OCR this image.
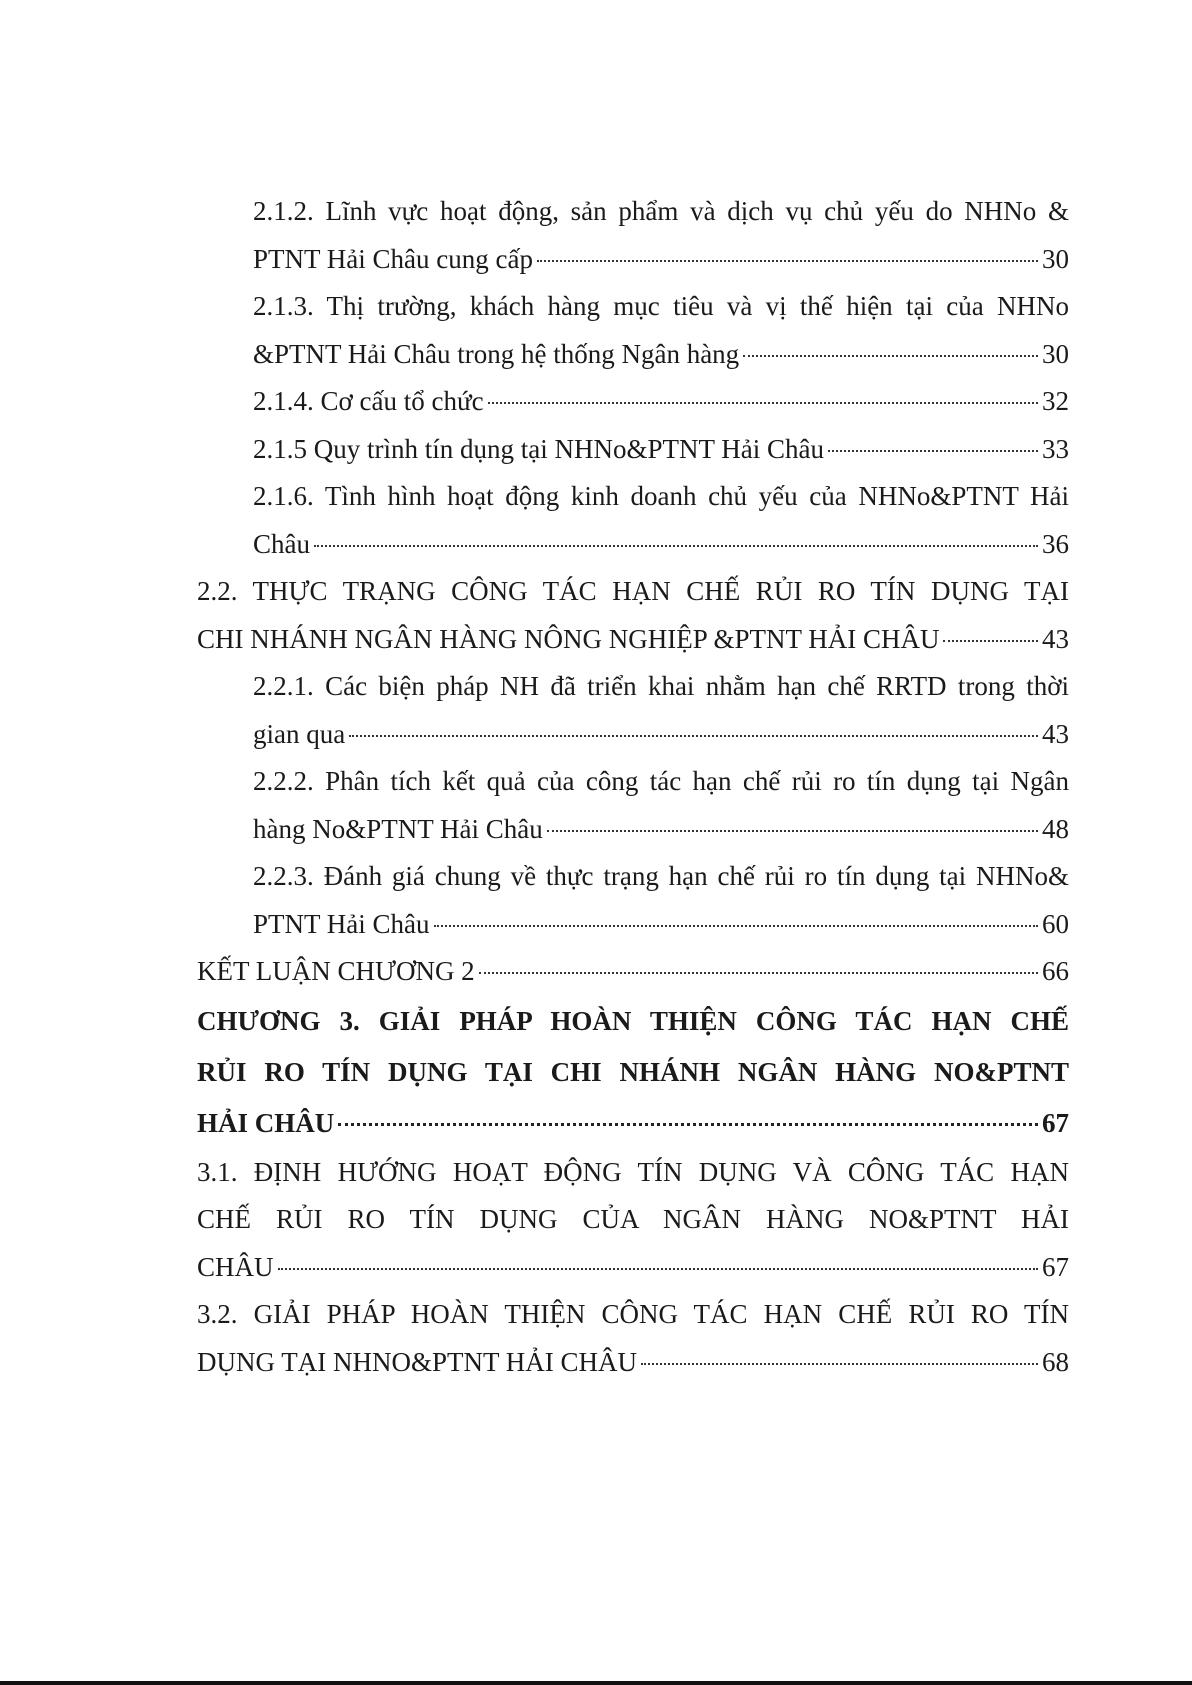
2.1.2. Lĩnh vực hoạt động, sản phẩm và dịch vụ chủ yếu do NHNo &
PTNT Hải Châu cung cấp	30
2.1.3. Thị trường, khách hàng mục tiêu và vị thế hiện tại của NHNo
&PTNT Hải Châu trong hệ thống Ngân hàng	30
2.1.4. Cơ cấu tổ chức	32
2.1.5 Quy trình tín dụng tại NHNo&PTNT Hải Châu	33
2.1.6. Tình hình hoạt động kinh doanh chủ yếu của NHNo&PTNT Hải
Châu	36
2.2. THỰC TRẠNG CÔNG TÁC HẠN CHẾ RỦI RO TÍN DỤNG TẠI
CHI NHÁNH NGÂN HÀNG NÔNG NGHIỆP &PTNT HẢI CHÂU	43
2.2.1. Các biện pháp NH đã triển khai nhằm hạn chế RRTD trong thời
gian qua	43
2.2.2. Phân tích kết quả của công tác hạn chế rủi ro tín dụng tại Ngân
hàng No&PTNT Hải Châu	48
2.2.3. Đánh giá chung về thực trạng hạn chế rủi ro tín dụng tại NHNo&
PTNT Hải Châu	60
KẾT LUẬN CHƯƠNG 2	66
CHƯƠNG 3. GIẢI PHÁP HOÀN THIỆN CÔNG TÁC HẠN CHẾ
RỦI RO TÍN DỤNG TẠI CHI NHÁNH NGÂN HÀNG NO&PTNT
HẢI CHÂU	67
3.1. ĐỊNH HƯỚNG HOẠT ĐỘNG TÍN DỤNG VÀ CÔNG TÁC HẠN
CHẾ RỦI RO TÍN DỤNG CỦA NGÂN HÀNG NO&PTNT HẢI
CHÂU	67
3.2. GIẢI PHÁP HOÀN THIỆN CÔNG TÁC HẠN CHẾ RỦI RO TÍN
DỤNG TẠI NHNO&PTNT HẢI CHÂU	68
